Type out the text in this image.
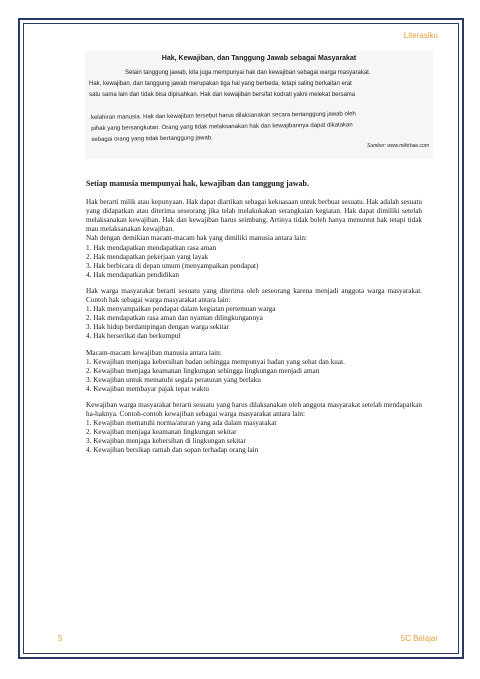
Literasiku
Hak, Kewajiban, dan Tanggung Jawab sebagai Masyarakat
Selain tanggung jawab, kita juga mempunyai hak dan kewajiban sebagai warga masyarakat.
Hak, kewajiban, dan tanggung jawab merupakan tiga hal yang berbeda, tetapi saling berkaitan erat
satu sama lain dan tidak bisa dipisahkan. Hak dan kewajiban bersifat kodrati yakni melekat bersama
kelahiran manusia. Hak dan kewajiban tersebut harus dilaksanakan secara bertanggung jawab oleh
pihak yang bersangkutan. Orang yang tidak melaksanakan hak dan kewajibannya dapat dikatakan
sebagai orang yang tidak bertanggung jawab.
Sumber: www.mikirbae.com

Setiap manusia mempunyai hak, kewajiban dan tanggung jawab.

Hak berarti milik atau kepunyaan. Hak dapat diartikan sebagai kekuasaan untuk berbuat sesuatu. Hak adalah sesuatu yang didapatkan atau diterima seseorang jika telah melakukakan serangkaian kegiatan. Hak dapat dimiliki setelah melaksanakan kewajiban. Hak dan kewajiban harus seimbang. Artinya tidak boleh hanya menuntut hak tetapi tidak mau melaksanakan kewajiban.

Nah dengan demikian macam-macam hak yang dimiliki manusia antara lain:

1. Hak mendapatkan mendapatkan rasa aman

2. Hak mendapatkan pekerjaan yang layak

3. Hak berbicara di depan umum (menyampaikan pendapat)

4. Hak mendapatkan pendidikan

Hak warga masyarakat berarti sesuatu yang diterima oleh seseorang karena menjadi anggota warga masyarakat. Contoh hak sebagai warga masyarakat antara lain:

1. Hak menyampaikan pendapat dalam kegiatan pertemuan warga

2. Hak mendapatkan rasa aman dan nyaman dilingkungannya

3. Hak hidup berdampingan dengan warga sekitar

4. Hak berserikat dan berkumpul

Macam-macam kewajiban manusia antara lain:

1. Kewajiban menjaga kebersihan badan sehingga mempunyai badan yang sehat dan kuat.

2. Kewajiban menjaga keamanan lingkungan sehingga lingkungan menjadi aman

3. Kewajiban untuk mematuhi segala peraturan yang berlaku

4. Kewajiban membayar pajak tepat waktu

Kewajiban warga masyarakat berarti sesuatu yang harus dilaksanakan oleh anggota masyarakat setelah mendapatkan ha-haknya. Contoh-contoh kewajiban sebagai warga masyarakat antara lain:

1. Kewajiban mematuhi norma/aturan yang ada dalam masyarakat

2. Kewajiban menjaga keamanan lingkungan sekitar

3. Kewajiban menjaga kebersihan di lingkungan sekitar

4. Kewajiban bersikap ramah dan sopan terhadap orang lain

5	5C Belajar
